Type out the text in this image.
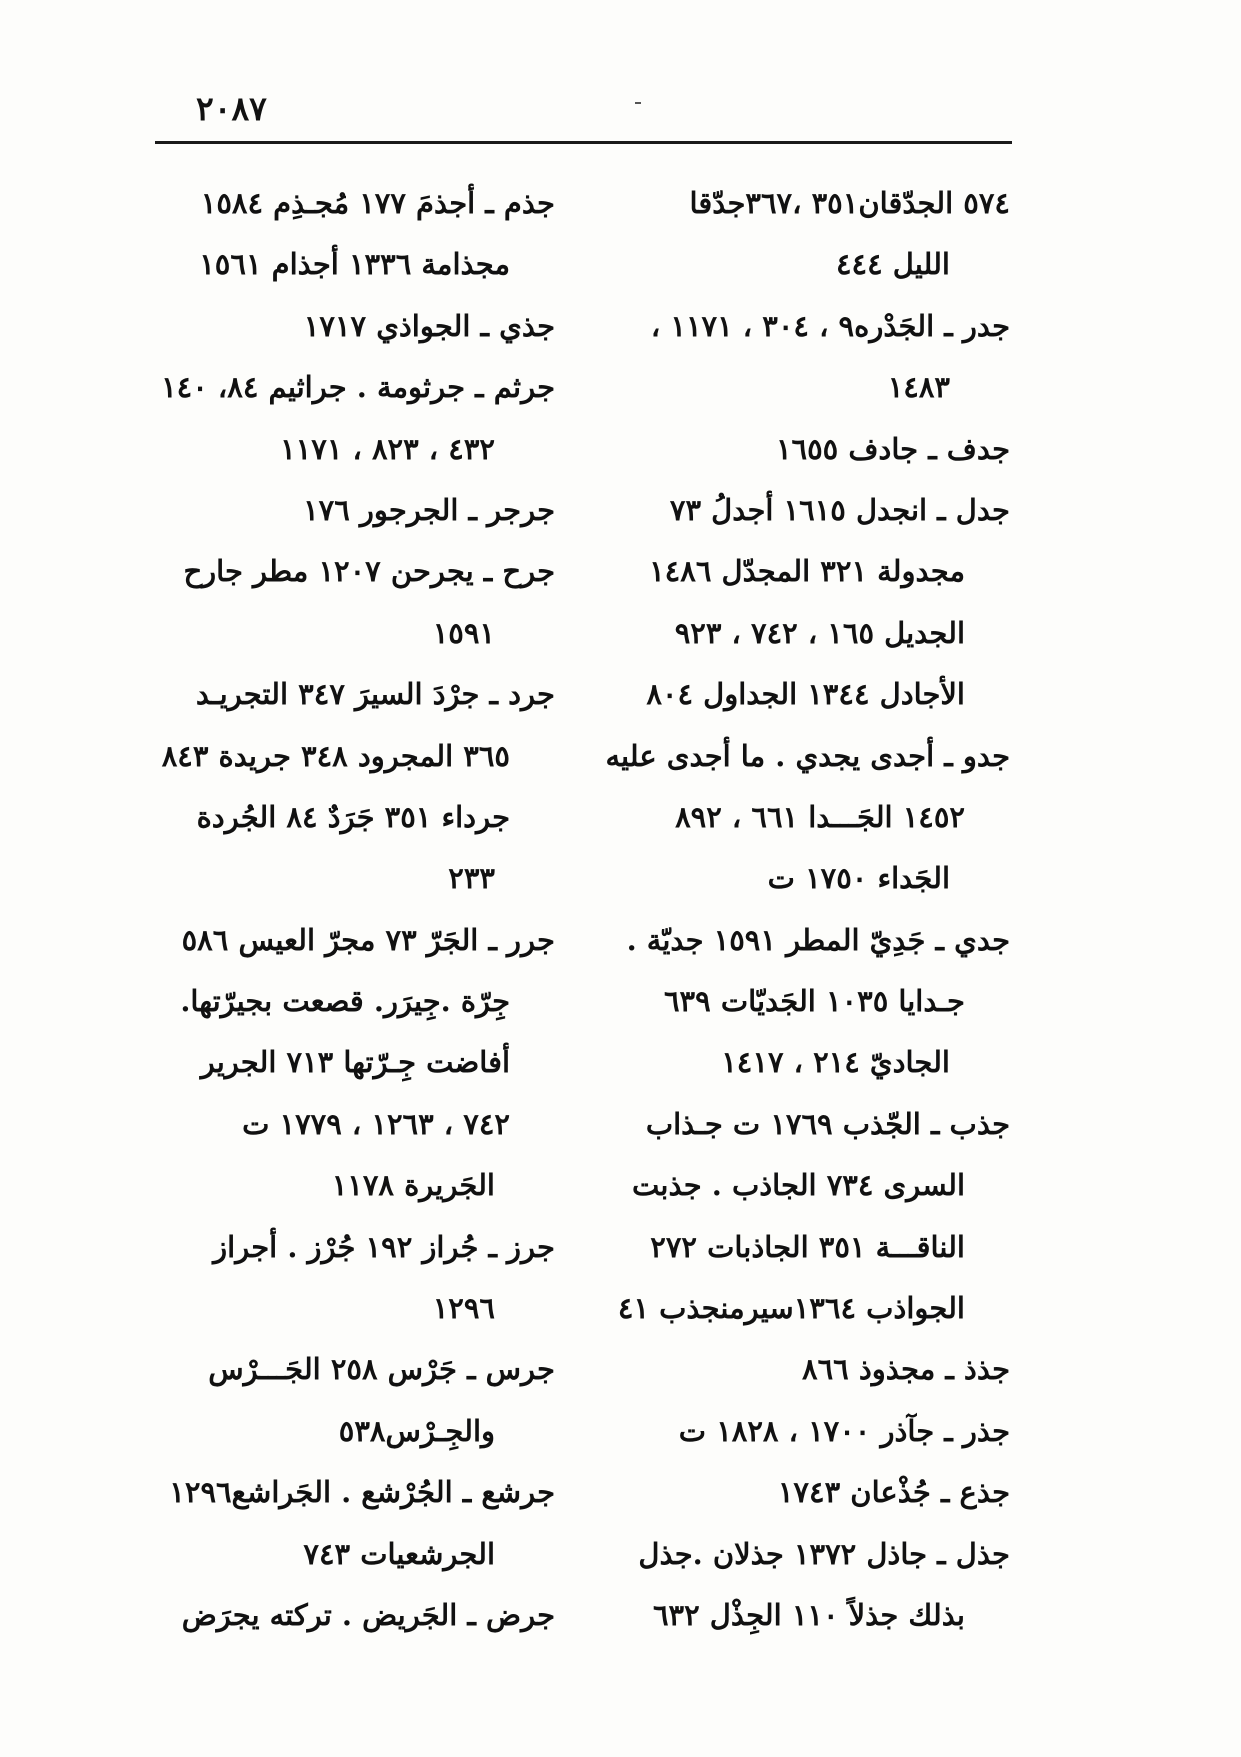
٢٠٨٧
٥٧٤ الجدّقان٣٥١ ،٣٦٧جدّقا
الليل ٤٤٤
جدر ـ الجَدْره٩ ، ٣٠٤ ، ١١٧١ ،
١٤٨٣
جدف ـ جادف ١٦٥٥
جدل ـ انجدل ١٦١٥ أجدلُ ٧٣
مجدولة ٣٢١ المجدّل ١٤٨٦
الجديل ١٦٥ ، ٧٤٢ ، ٩٢٣
الأجادل ١٣٤٤ الجداول ٨٠٤
جدو ـ أجدى يجدي . ما أجدى عليه
١٤٥٢ الجَـــدا ٦٦١ ، ٨٩٢
الجَداء ١٧٥٠ ت
جدي ـ جَدِيّ المطر ١٥٩١ جديّة .
جـدايا ١٠٣٥ الجَديّات ٦٣٩
الجاديّ ٢١٤ ، ١٤١٧
جذب ـ الجّذب ١٧٦٩ ت جـذاب
السرى ٧٣٤ الجاذب . جذبت
الناقـــة ٣٥١ الجاذبات ٢٧٢
الجواذب ١٣٦٤سيرمنجذب ٤١
جذذ ـ مجذوذ ٨٦٦
جذر ـ جآذر ١٧٠٠ ، ١٨٢٨ ت
جذع ـ جُذْعان ١٧٤٣
جذل ـ جاذل ١٣٧٢ جذلان .جذل
بذلك جذلاً ١١٠ الجِذْل ٦٣٢
جذم ـ أجذمَ ١٧٧ مُجـذِم ١٥٨٤
مجذامة ١٣٣٦ أجذام ١٥٦١
جذي ـ الجواذي ١٧١٧
جرثم ـ جرثومة . جراثيم ٨٤، ١٤٠
٤٣٢ ، ٨٢٣ ، ١١٧١
جرجر ـ الجرجور ١٧٦
جرح ـ يجرحن ١٢٠٧ مطر جارح
١٥٩١
جرد ـ جرْدَ السيرَ ٣٤٧ التجريـد
٣٦٥ المجرود ٣٤٨ جريدة ٨٤٣
جرداء ٣٥١ جَرَدٌ ٨٤ الجُردة
٢٣٣
جرر ـ الجَرّ ٧٣ مجرّ العيس ٥٨٦
جِرّة .جِيرَر. قصعت بجيرّتها.
أفاضت جِـرّتها ٧١٣ الجرير
٧٤٢ ، ١٢٦٣ ، ١٧٧٩ ت
الجَريرة ١١٧٨
جرز ـ جُراز ١٩٢ جُرْز . أجراز
١٢٩٦
جرس ـ جَرْس ٢٥٨ الجَـــرْس
والجِـرْس٥٣٨
جرشع ـ الجُرْشع . الجَراشع١٢٩٦
الجرشعيات ٧٤٣
جرض ـ الجَريض . تركته يجرَض
